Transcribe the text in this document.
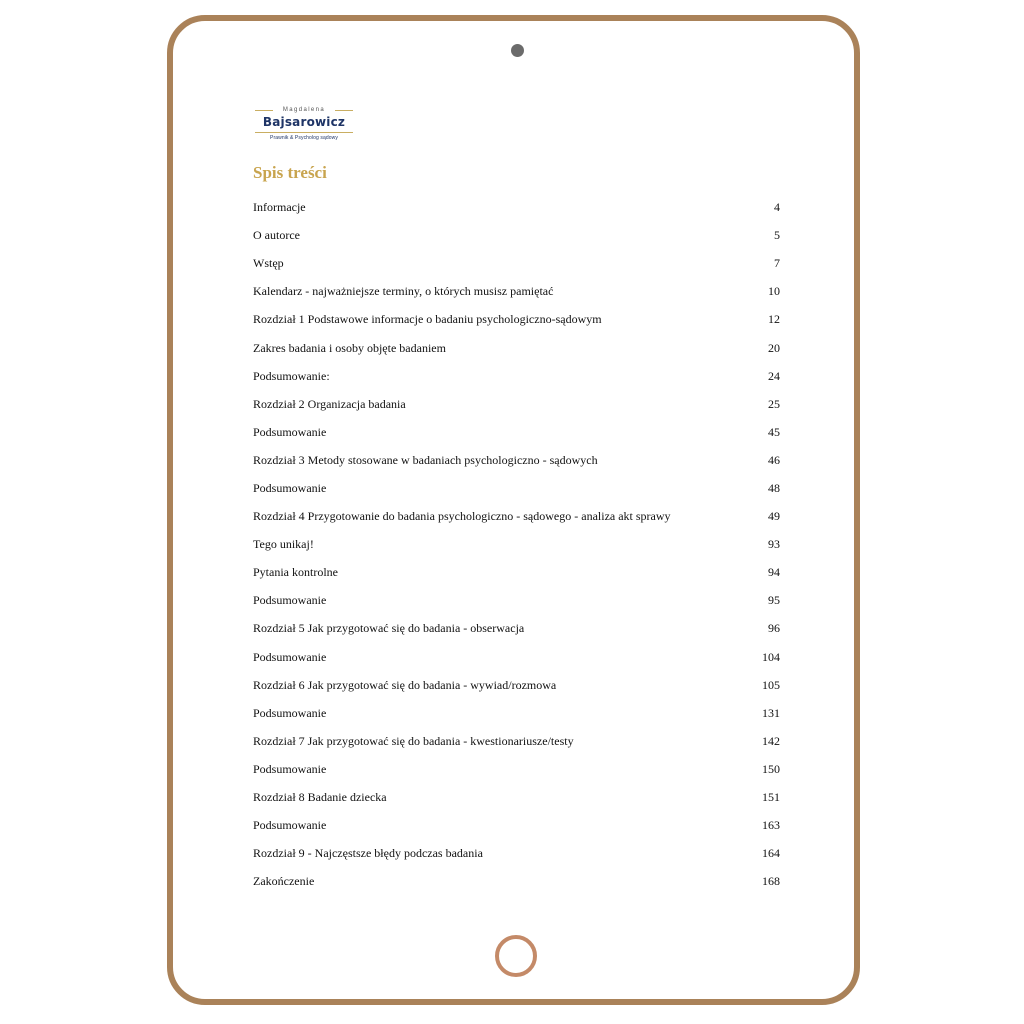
Magdalena
Bajsarowicz
Prawnik & Psycholog sądowy
Spis treści
Informacje	4
O autorce	5
Wstęp	7
Kalendarz - najważniejsze terminy, o których musisz pamiętać	10
Rozdział 1 Podstawowe informacje o badaniu psychologiczno-sądowym	12
Zakres badania i osoby objęte badaniem	20
Podsumowanie:	24
Rozdział 2 Organizacja badania	25
Podsumowanie	45
Rozdział 3 Metody stosowane w badaniach psychologiczno - sądowych	46
Podsumowanie	48
Rozdział 4 Przygotowanie do badania psychologiczno - sądowego - analiza akt sprawy	49
Tego unikaj!	93
Pytania kontrolne	94
Podsumowanie	95
Rozdział 5 Jak przygotować się do badania - obserwacja	96
Podsumowanie	104
Rozdział 6 Jak przygotować się do badania - wywiad/rozmowa	105
Podsumowanie	131
Rozdział 7 Jak przygotować się do badania - kwestionariusze/testy	142
Podsumowanie	150
Rozdział 8 Badanie dziecka	151
Podsumowanie	163
Rozdział 9 - Najczęstsze błędy podczas badania	164
Zakończenie	168
